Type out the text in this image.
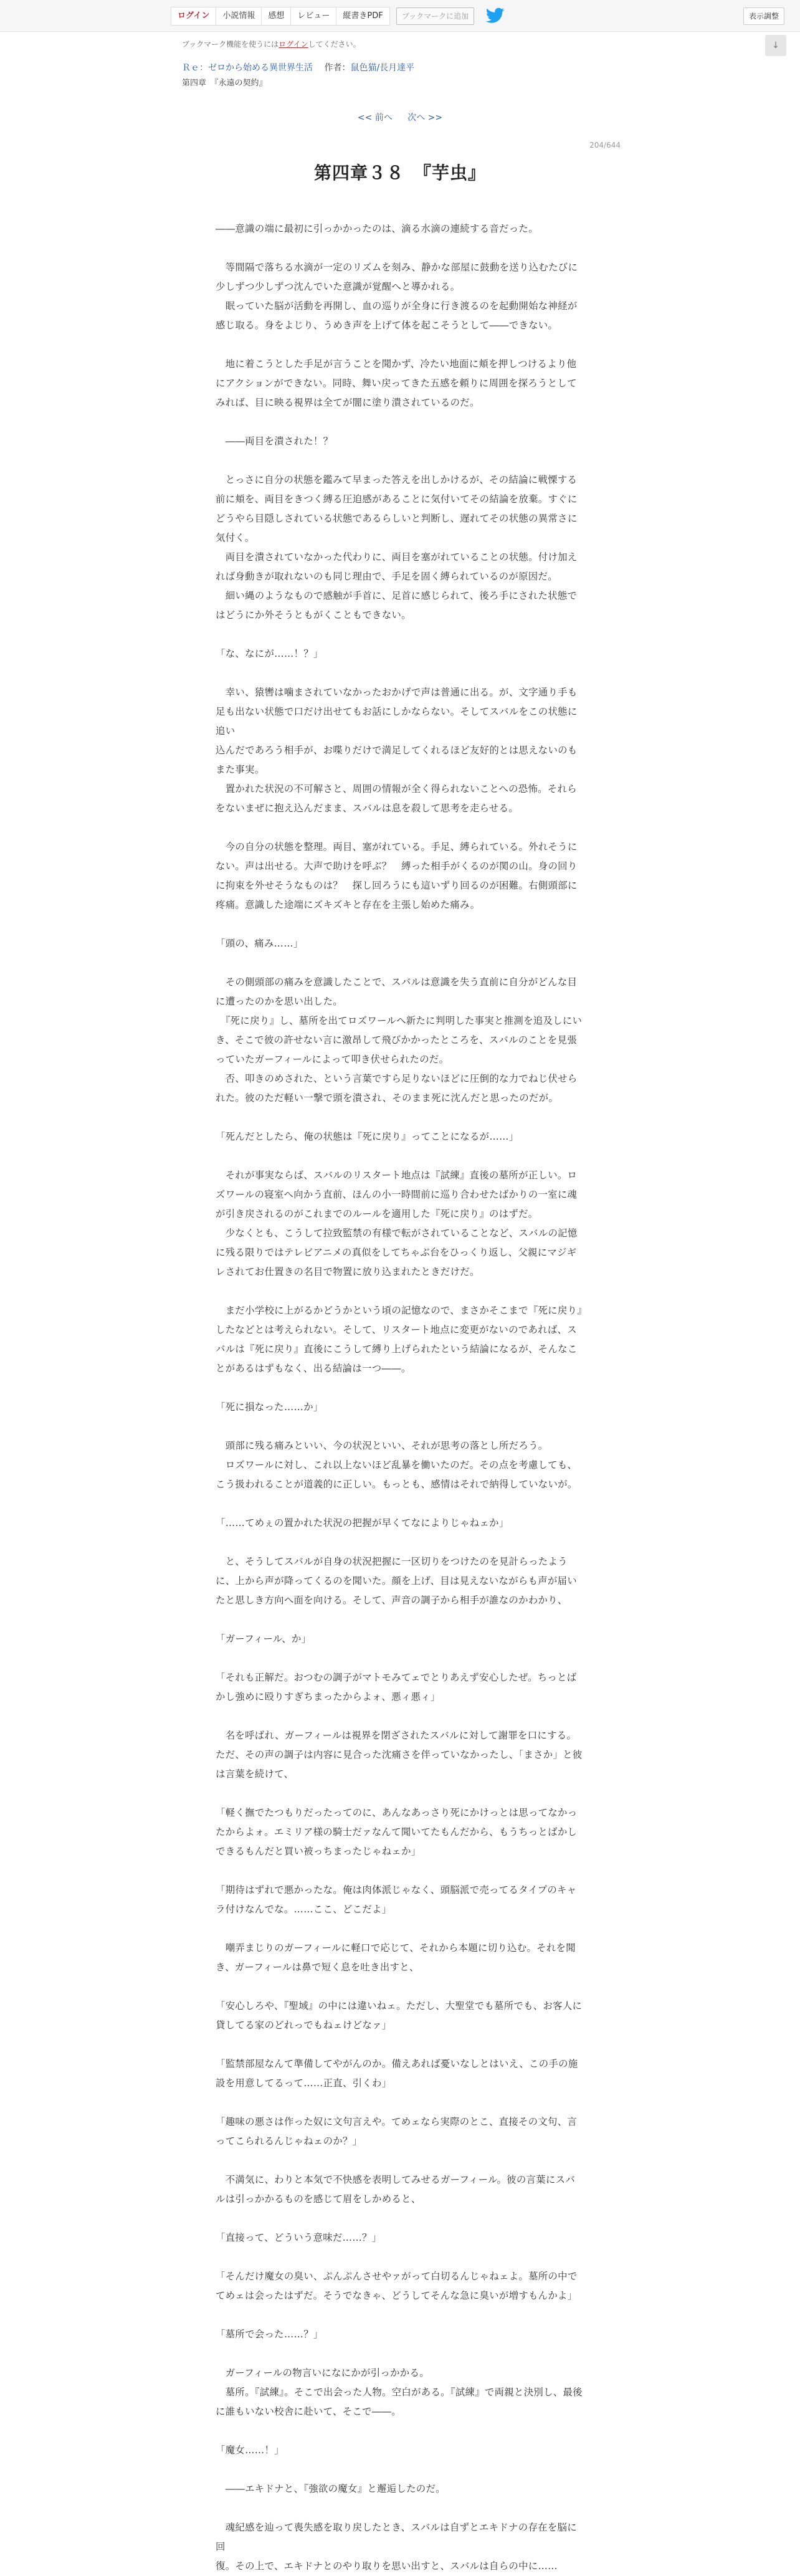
ログイン	小説情報	感想	レビュー	縦書きPDF	ブックマークに追加	表示調整
↓
ブックマーク機能を使うにはログインしてください。
Ｒｅ：ゼロから始める異世界生活 作者：鼠色猫/長月達平
第四章　『永遠の契約』
<< 前へ 次へ >>
204/644
第四章３８　『芋虫』

――意識の端に最初に引っかかったのは、滴る水滴の連続する音だった。

　等間隔で落ちる水滴が一定のリズムを刻み、静かな部屋に鼓動を送り込むたびに少しずつ少しずつ沈んでいた意識が覚醒へと導かれる。

　眠っていた脳が活動を再開し、血の巡りが全身に行き渡るのを起動開始な神経が感じ取る。身をよじり、うめき声を上げて体を起こそうとして――できない。

　地に着こうとした手足が言うことを聞かず、冷たい地面に頬を押しつけるより他にアクションができない。同時、舞い戻ってきた五感を頼りに周囲を探ろうとしてみれば、目に映る視界は全てが闇に塗り潰されているのだ。

　――両目を潰された！？

　とっさに自分の状態を鑑みて早まった答えを出しかけるが、その結論に戦慄する前に頬を、両目をきつく縛る圧迫感があることに気付いてその結論を放棄。すぐにどうやら目隠しされている状態であるらしいと判断し、遅れてその状態の異常さに気付く。

　両目を潰されていなかった代わりに、両目を塞がれていることの状態。付け加えれば身動きが取れないのも同じ理由で、手足を固く縛られているのが原因だ。

　細い縄のようなもので感触が手首に、足首に感じられて、後ろ手にされた状態ではどうにか外そうともがくこともできない。

「な、なにが……！？」

　幸い、猿轡は噛まされていなかったおかげで声は普通に出る。が、文字通り手も足も出ない状態で口だけ出せてもお話にしかならない。そしてスバルをこの状態に追い

込んだであろう相手が、お喋りだけで満足してくれるほど友好的とは思えないのもまた事実。

　置かれた状況の不可解さと、周囲の情報が全く得られないことへの恐怖。それらをないまぜに抱え込んだまま、スバルは息を殺して思考を走らせる。

　今の自分の状態を整理。両目、塞がれている。手足、縛られている。外れそうにない。声は出せる。大声で助けを呼ぶ？　縛った相手がくるのが関の山。身の回りに拘束を外せそうなものは？　探し回ろうにも這いずり回るのが困難。右側頭部に疼痛。意識した途端にズキズキと存在を主張し始めた痛み。

「頭の、痛み……」

　その側頭部の痛みを意識したことで、スバルは意識を失う直前に自分がどんな目に遭ったのかを思い出した。

　『死に戻り』し、墓所を出てロズワールへ新たに判明した事実と推測を追及しにいき、そこで彼の許せない言に激昂して飛びかかったところを、スバルのことを見張っていたガーフィールによって叩き伏せられたのだ。

　否、叩きのめされた、という言葉ですら足りないほどに圧倒的な力でねじ伏せられた。彼のただ軽い一撃で頭を潰され、そのまま死に沈んだと思ったのだが。

「死んだとしたら、俺の状態は『死に戻り』ってことになるが……」

　それが事実ならば、スバルのリスタート地点は『試練』直後の墓所が正しい。ロズワールの寝室へ向かう直前、ほんの小一時間前に巡り合わせたばかりの一室に魂が引き戻されるのがこれまでのルールを適用した『死に戻り』のはずだ。

　少なくとも、こうして拉致監禁の有様で転がされていることなど、スバルの記憶に残る限りではテレビアニメの真似をしてちゃぶ台をひっくり返し、父親にマジギレされてお仕置きの名目で物置に放り込まれたときだけだ。

　まだ小学校に上がるかどうかという頃の記憶なので、まさかそこまで『死に戻り』したなどとは考えられない。そして、リスタート地点に変更がないのであれば、スバルは『死に戻り』直後にこうして縛り上げられたという結論になるが、そんなことがあるはずもなく、出る結論は一つ――。

「死に損なった……か」

　頭部に残る痛みといい、今の状況といい、それが思考の落とし所だろう。

　ロズワールに対し、これ以上ないほど乱暴を働いたのだ。その点を考慮しても、こう扱われることが道義的に正しい。もっとも、感情はそれで納得していないが。

「……てめぇの置かれた状況の把握が早くてなによりじゃねェか」

　と、そうしてスバルが自身の状況把握に一区切りをつけたのを見計らったように、上から声が降ってくるのを聞いた。顔を上げ、目は見えないながらも声が届いたと思しき方向へ面を向ける。そして、声音の調子から相手が誰なのかわかり、

「ガーフィール、か」

「それも正解だ。おつむの調子がマトモみてェでとりあえず安心したぜ。ちっとばかし強めに殴りすぎちまったからよォ、悪ィ悪ィ」

　名を呼ばれ、ガーフィールは視界を閉ざされたスバルに対して謝罪を口にする。ただ、その声の調子は内容に見合った沈痛さを伴っていなかったし、「まさか」と彼は言葉を続けて、

「軽く撫でたつもりだったってのに、あんなあっさり死にかけっとは思ってなかったからよォ。エミリア様の騎士だァなんて聞いてたもんだから、もうちっとばかしできるもんだと買い被っちまったじゃねェか」

「期待はずれで悪かったな。俺は肉体派じゃなく、頭脳派で売ってるタイプのキャラ付けなんでな。……ここ、どこだよ」

　嘲弄まじりのガーフィールに軽口で応じて、それから本題に切り込む。それを聞き、ガーフィールは鼻で短く息を吐き出すと、

「安心しろや、『聖域』の中には違いねェ。ただし、大聖堂でも墓所でも、お客人に貸してる家のどれっでもねェけどなァ」

「監禁部屋なんて準備してやがんのか。備えあれば憂いなしとはいえ、この手の施設を用意してるって……正直、引くわ」

「趣味の悪さは作った奴に文句言えや。てめェなら実際のとこ、直接その文句、言ってこられるんじゃねェのか？」

　不満気に、わりと本気で不快感を表明してみせるガーフィール。彼の言葉にスバルは引っかかるものを感じて眉をしかめると、

「直接って、どういう意味だ……？」

「そんだけ魔女の臭い、ぷんぷんさせやァがって白切るんじゃねェよ。墓所の中でてめェは会ったはずだ。そうでなきゃ、どうしてそんな急に臭いが増すもんかよ」

「墓所で会った……？」

　ガーフィールの物言いになにかが引っかかる。

　墓所。『試練』。そこで出会った人物。空白がある。『試練』で両親と決別し、最後に誰もいない校舎に赴いて、そこで――。

「魔女……！」

　――エキドナと、『強欲の魔女』と邂逅したのだ。

　魂紀感を辿って喪失感を取り戻したとき、スバルは自ずとエキドナの存在を脳に回

復。その上で、エキドナとのやり取りを思い出すと、スバルは自らの中に……
